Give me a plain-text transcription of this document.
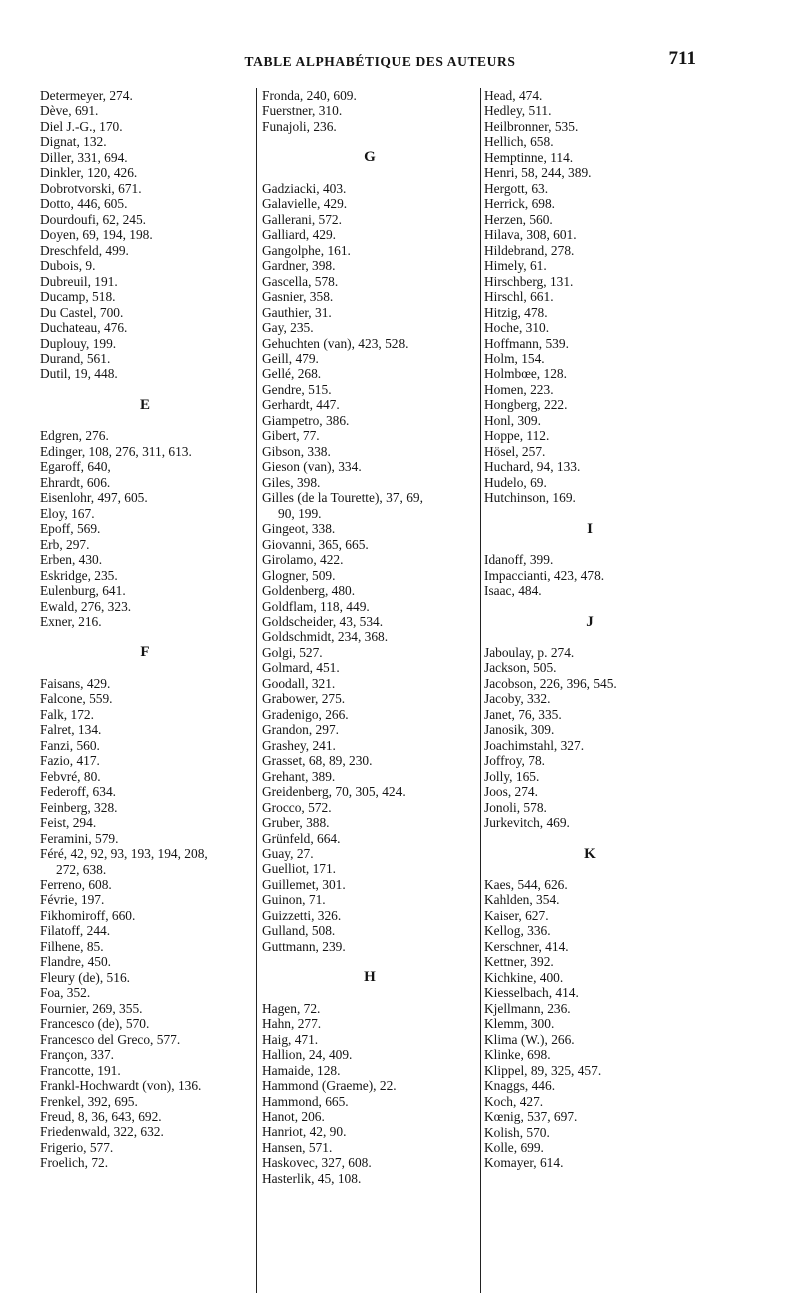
TABLE ALPHABÉTIQUE DES AUTEURS	711
Determeyer, 274.
Dève, 691.
Diel J.-G., 170.
Dignat, 132.
Diller, 331, 694.
Dinkler, 120, 426.
Dobrotvorski, 671.
Dotto, 446, 605.
Dourdoufi, 62, 245.
Doyen, 69, 194, 198.
Dreschfeld, 499.
Dubois, 9.
Dubreuil, 191.
Ducamp, 518.
Du Castel, 700.
Duchateau, 476.
Duplouy, 199.
Durand, 561.
Dutil, 19, 448.
E
Edgren, 276.
Edinger, 108, 276, 311, 613.
Egaroff, 640,
Ehrardt, 606.
Eisenlohr, 497, 605.
Eloy, 167.
Epoff, 569.
Erb, 297.
Erben, 430.
Eskridge, 235.
Eulenburg, 641.
Ewald, 276, 323.
Exner, 216.
F
Faisans, 429.
Falcone, 559.
Falk, 172.
Falret, 134.
Fanzi, 560.
Fazio, 417.
Febvré, 80.
Federoff, 634.
Feinberg, 328.
Feist, 294.
Feramini, 579.
Féré, 42, 92, 93, 193, 194, 208,
272, 638.
Ferreno, 608.
Févrie, 197.
Fikhomiroff, 660.
Filatoff, 244.
Filhene, 85.
Flandre, 450.
Fleury (de), 516.
Foa, 352.
Fournier, 269, 355.
Francesco (de), 570.
Francesco del Greco, 577.
Françon, 337.
Francotte, 191.
Frankl-Hochwardt (von), 136.
Frenkel, 392, 695.
Freud, 8, 36, 643, 692.
Friedenwald, 322, 632.
Frigerio, 577.
Froelich, 72.
Fronda, 240, 609.
Fuerstner, 310.
Funajoli, 236.
G
Gadziacki, 403.
Galavielle, 429.
Gallerani, 572.
Galliard, 429.
Gangolphe, 161.
Gardner, 398.
Gascella, 578.
Gasnier, 358.
Gauthier, 31.
Gay, 235.
Gehuchten (van), 423, 528.
Geill, 479.
Gellé, 268.
Gendre, 515.
Gerhardt, 447.
Giampetro, 386.
Gibert, 77.
Gibson, 338.
Gieson (van), 334.
Giles, 398.
Gilles (de la Tourette), 37, 69,
90, 199.
Gingeot, 338.
Giovanni, 365, 665.
Girolamo, 422.
Glogner, 509.
Goldenberg, 480.
Goldflam, 118, 449.
Goldscheider, 43, 534.
Goldschmidt, 234, 368.
Golgi, 527.
Golmard, 451.
Goodall, 321.
Grabower, 275.
Gradenigo, 266.
Grandon, 297.
Grashey, 241.
Grasset, 68, 89, 230.
Grehant, 389.
Greidenberg, 70, 305, 424.
Grocco, 572.
Gruber, 388.
Grünfeld, 664.
Guay, 27.
Guelliot, 171.
Guillemet, 301.
Guinon, 71.
Guizzetti, 326.
Gulland, 508.
Guttmann, 239.
H
Hagen, 72.
Hahn, 277.
Haig, 471.
Hallion, 24, 409.
Hamaide, 128.
Hammond (Graeme), 22.
Hammond, 665.
Hanot, 206.
Hanriot, 42, 90.
Hansen, 571.
Haskovec, 327, 608.
Hasterlik, 45, 108.
Head, 474.
Hedley, 511.
Heilbronner, 535.
Hellich, 658.
Hemptinne, 114.
Henri, 58, 244, 389.
Hergott, 63.
Herrick, 698.
Herzen, 560.
Hilava, 308, 601.
Hildebrand, 278.
Himely, 61.
Hirschberg, 131.
Hirschl, 661.
Hitzig, 478.
Hoche, 310.
Hoffmann, 539.
Holm, 154.
Holmbœe, 128.
Homen, 223.
Hongberg, 222.
Honl, 309.
Hoppe, 112.
Hösel, 257.
Huchard, 94, 133.
Hudelo, 69.
Hutchinson, 169.
I
Idanoff, 399.
Impaccianti, 423, 478.
Isaac, 484.
J
Jaboulay, p. 274.
Jackson, 505.
Jacobson, 226, 396, 545.
Jacoby, 332.
Janet, 76, 335.
Janosik, 309.
Joachimstahl, 327.
Joffroy, 78.
Jolly, 165.
Joos, 274.
Jonoli, 578.
Jurkevitch, 469.
K
Kaes, 544, 626.
Kahlden, 354.
Kaiser, 627.
Kellog, 336.
Kerschner, 414.
Kettner, 392.
Kichkine, 400.
Kiesselbach, 414.
Kjellmann, 236.
Klemm, 300.
Klima (W.), 266.
Klinke, 698.
Klippel, 89, 325, 457.
Knaggs, 446.
Koch, 427.
Kœnig, 537, 697.
Kolish, 570.
Kolle, 699.
Komayer, 614.
